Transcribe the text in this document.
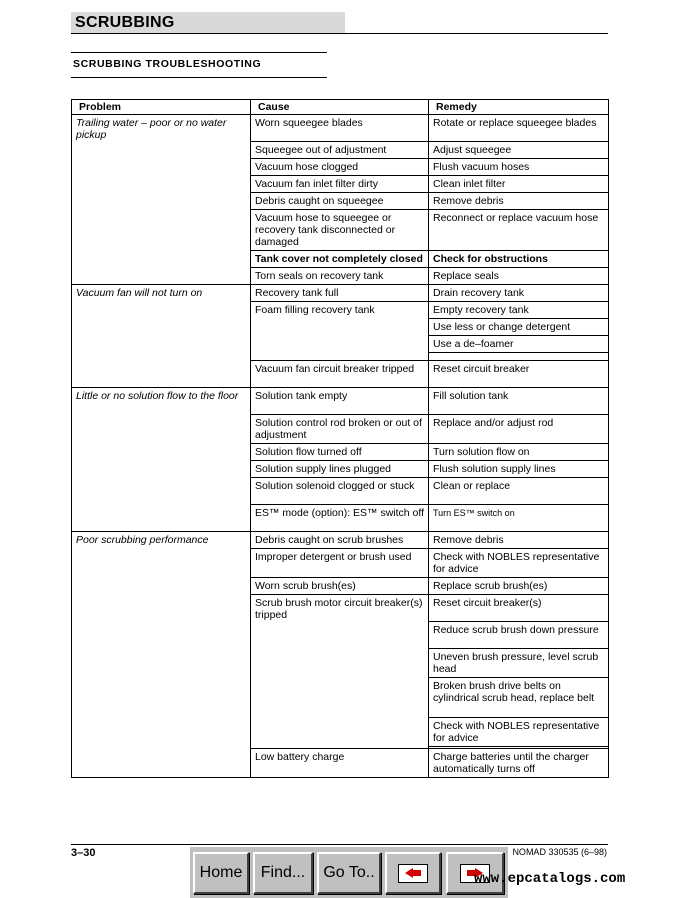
SCRUBBING
SCRUBBING TROUBLESHOOTING
Problem	Cause	Remedy
Trailing water – poor or no water pickup	Worn squeegee blades	Rotate or replace squeegee blades
	Squeegee out of adjustment	Adjust squeegee
	Vacuum hose clogged	Flush vacuum hoses
	Vacuum fan inlet filter dirty	Clean inlet filter
	Debris caught on squeegee	Remove debris
	Vacuum hose to squeegee or recovery tank disconnected or damaged	Reconnect or replace vacuum hose
	Tank cover not completely closed	Check for obstructions
	Torn seals on recovery tank	Replace seals
Vacuum fan will not turn on	Recovery tank full	Drain recovery tank
	Foam filling recovery tank	Empty recovery tank
		Use less or change detergent
		Use a de–foamer

	Vacuum fan circuit breaker tripped	Reset circuit breaker
Little or no solution flow to the floor	Solution tank empty	Fill solution tank
	Solution control rod broken or out of adjustment	Replace and/or adjust rod
	Solution flow turned off	Turn solution flow on
	Solution supply lines plugged	Flush solution supply lines
	Solution solenoid clogged or stuck	Clean or replace
	ES™ mode (option): ES™ switch off	Turn ES™ switch on
Poor scrubbing performance	Debris caught on scrub brushes	Remove debris
	Improper detergent or brush used	Check with NOBLES representative for advice
	Worn scrub brush(es)	Replace scrub brush(es)
	Scrub brush motor circuit breaker(s) tripped	Reset circuit breaker(s)
		Reduce scrub brush down pressure
		Uneven brush pressure, level scrub head
		Broken brush drive belts on cylindrical scrub head, replace belt
		Check with NOBLES representative for advice

	Low battery charge	Charge batteries until the charger automatically turns off
3–30	NOMAD 330535 (6–98)
Home Find... Go To..	www.epcatalogs.com
